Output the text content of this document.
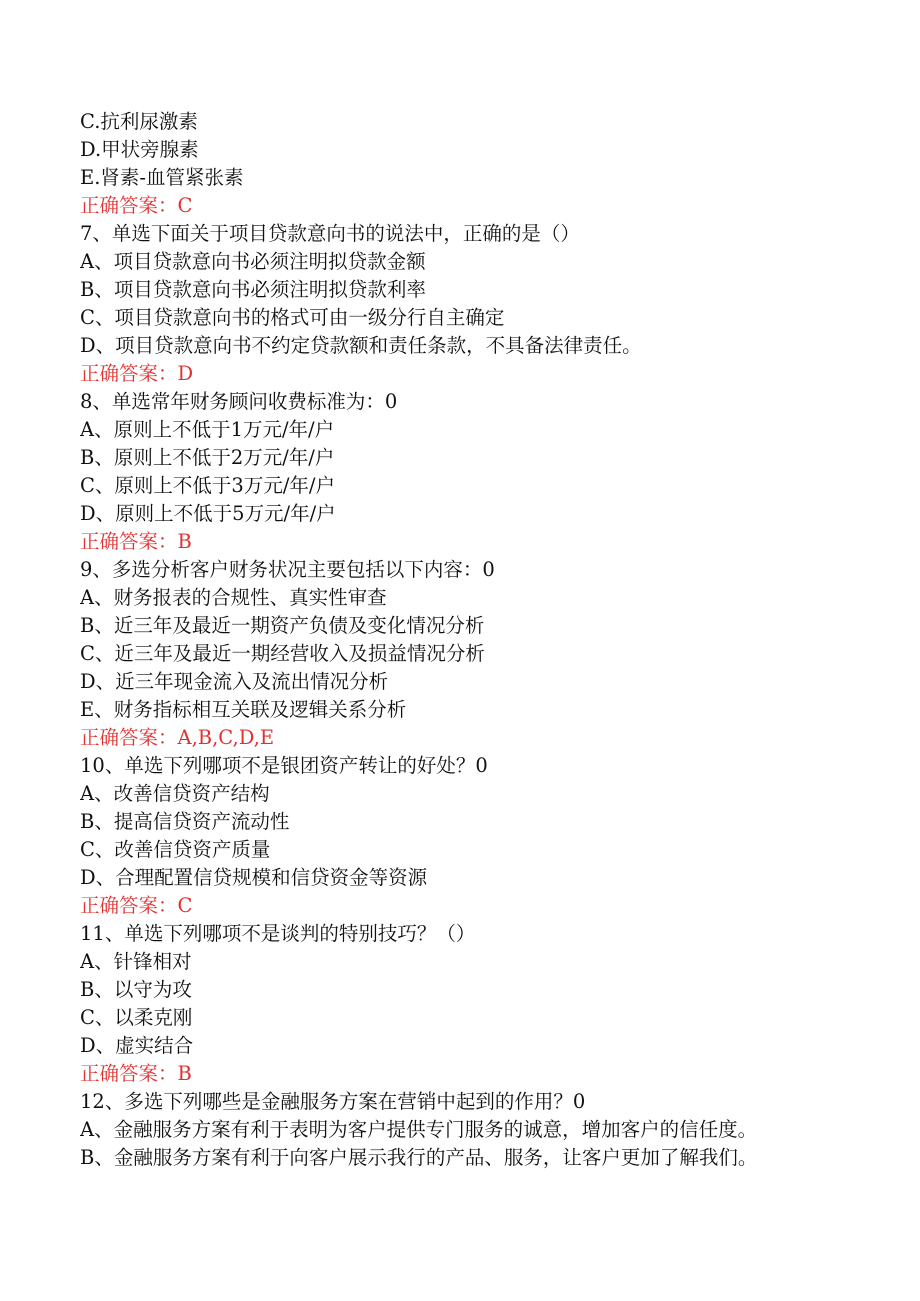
C.抗利尿激素
D.甲状旁腺素
E.肾素-血管紧张素
正确答案：C
7、单选下面关于项目贷款意向书的说法中，正确的是（）
A、项目贷款意向书必须注明拟贷款金额
B、项目贷款意向书必须注明拟贷款利率
C、项目贷款意向书的格式可由一级分行自主确定
D、项目贷款意向书不约定贷款额和责任条款，不具备法律责任。
正确答案：D
8、单选常年财务顾问收费标准为：0
A、原则上不低于1万元/年/户
B、原则上不低于2万元/年/户
C、原则上不低于3万元/年/户
D、原则上不低于5万元/年/户
正确答案：B
9、多选分析客户财务状况主要包括以下内容：0
A、财务报表的合规性、真实性审查
B、近三年及最近一期资产负债及变化情况分析
C、近三年及最近一期经营收入及损益情况分析
D、近三年现金流入及流出情况分析
E、财务指标相互关联及逻辑关系分析
正确答案：A,B,C,D,E
10、单选下列哪项不是银团资产转让的好处？0
A、改善信贷资产结构
B、提高信贷资产流动性
C、改善信贷资产质量
D、合理配置信贷规模和信贷资金等资源
正确答案：C
11、单选下列哪项不是谈判的特别技巧？（）
A、针锋相对
B、以守为攻
C、以柔克刚
D、虚实结合
正确答案：B
12、多选下列哪些是金融服务方案在营销中起到的作用？0
A、金融服务方案有利于表明为客户提供专门服务的诚意，增加客户的信任度。
B、金融服务方案有利于向客户展示我行的产品、服务，让客户更加了解我们。
